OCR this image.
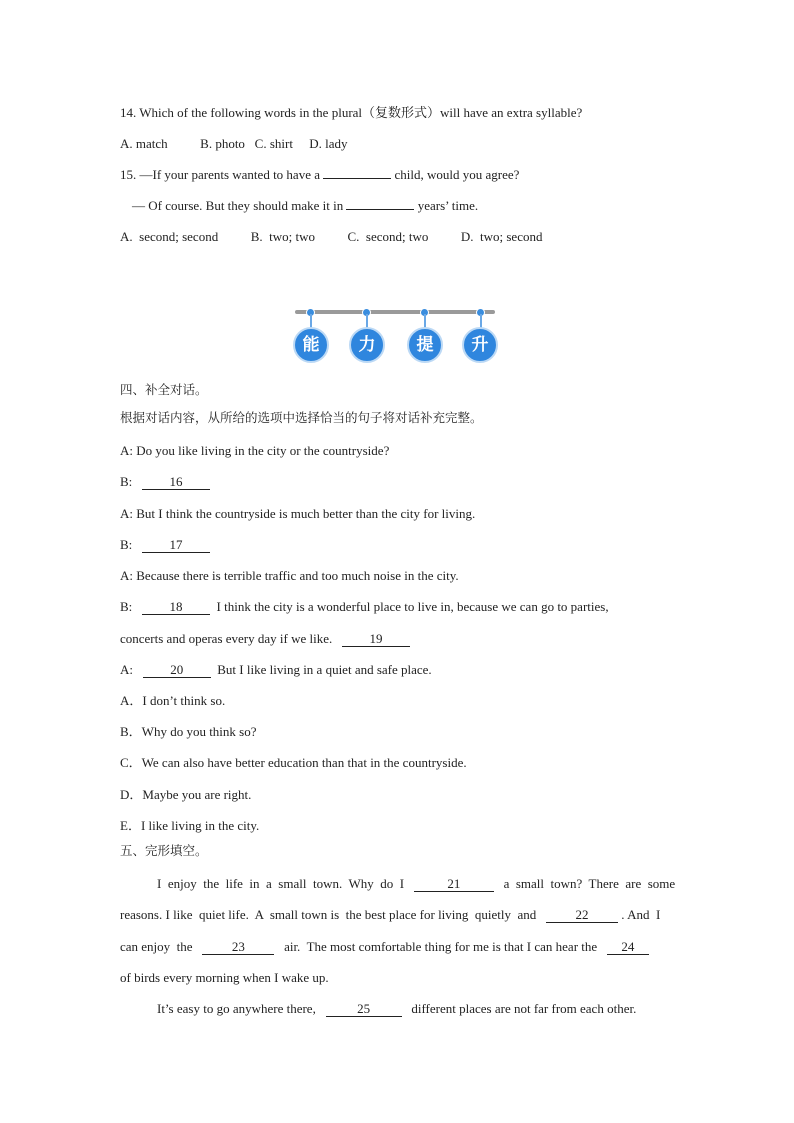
14. Which of the following words in the plural（复数形式）will have an extra syllable?
A. match          B. photo   C. shirt     D. lady
15. —If your parents wanted to have a	child, would you agree?
— Of course. But they should make it in	years’ time.
A.  second; second          B.  two; two          C.  second; two          D.  two; second
能	力	提	升
四、补全对话。
根据对话内容，从所给的选项中选择恰当的句子将对话补充完整。
A: Do you like living in the city or the countryside?
B:	16
A: But I think the countryside is much better than the city for living.
B:	17
A: Because there is terrible traffic and too much noise in the city.
B:	18	I think the city is a wonderful place to live in, because we can go to parties,
concerts and operas every day if we like.	19
A:	20	But I like living in a quiet and safe place.
A．I don’t think so.
B．Why do you think so?
C．We can also have better education than that in the countryside.
D．Maybe you are right.
E．I like living in the city.
五、完形填空。
I  enjoy  the  life  in  a  small  town.  Why  do  I	21	a  small  town?  There  are  some
reasons. I like  quiet life.  A  small town is  the best place for living  quietly  and	22	. And  I
can enjoy  the	23	air.  The most comfortable thing for me is that I can hear the 24
of birds every morning when I wake up.
It’s easy to go anywhere there,	25	different places are not far from each other.
